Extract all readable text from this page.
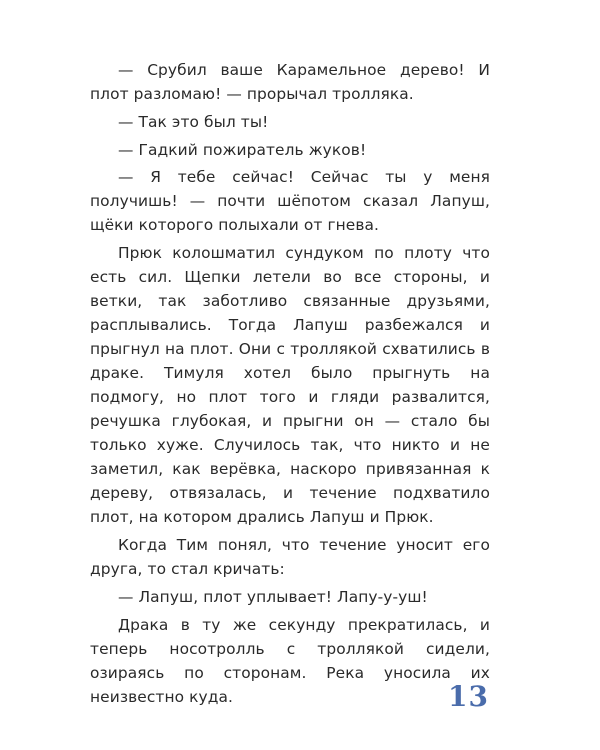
— Срубил ваше Карамельное дерево! И плот разломаю! — прорычал тролляка.

— Так это был ты!

— Гадкий пожиратель жуков!

— Я тебе сейчас! Сейчас ты у меня получишь! — почти шёпотом сказал Лапуш, щёки которого полыхали от гнева.

Прюк колошматил сундуком по плоту что есть сил. Щепки летели во все стороны, и ветки, так заботливо связанные друзьями, расплывались. Тогда Лапуш разбежался и прыгнул на плот. Они с троллякой схватились в драке. Тимуля хотел было прыгнуть на подмогу, но плот того и гляди развалится, речушка глубокая, и прыгни он — стало бы только хуже. Случилось так, что никто и не заметил, как верёвка, наскоро привязанная к дереву, отвязалась, и течение подхватило плот, на котором дрались Лапуш и Прюк.

Когда Тим понял, что течение уносит его друга, то стал кричать:

— Лапуш, плот уплывает! Лапу-у-уш!

Драка в ту же секунду прекратилась, и теперь носотролль с троллякой сидели, озираясь по сторонам. Река уносила их неизвестно куда.	13
